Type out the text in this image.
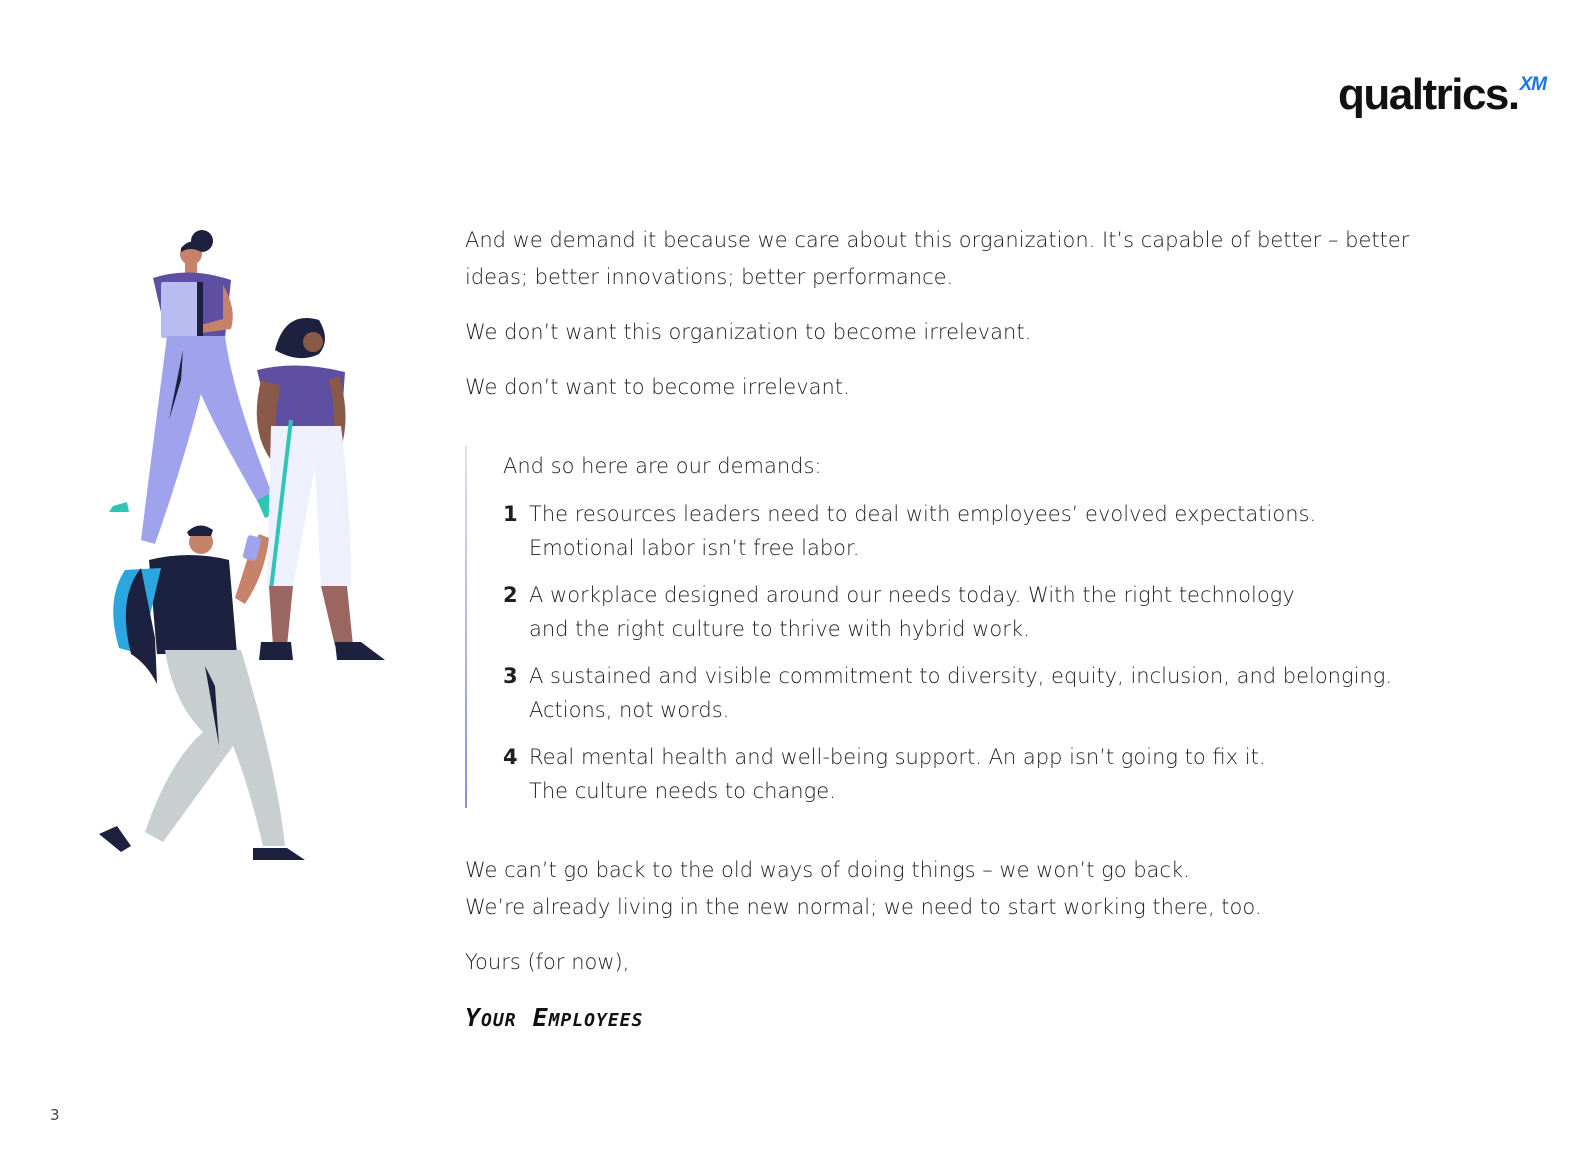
qualtrics. XM

And we demand it because we care about this organization. It’s capable of better – better ideas; better innovations; better performance.

We don’t want this organization to become irrelevant.

We don’t want to become irrelevant.

And so here are our demands:

1 The resources leaders need to deal with employees’ evolved expectations.
Emotional labor isn’t free labor.
2 A workplace designed around our needs today. With the right technology
and the right culture to thrive with hybrid work.
3 A sustained and visible commitment to diversity, equity, inclusion, and belonging.
Actions, not words.
4 Real mental health and well-being support. An app isn’t going to fix it.
The culture needs to change.

We can’t go back to the old ways of doing things – we won’t go back.
We’re already living in the new normal; we need to start working there, too.

Yours (for now),

Your Employees
3
